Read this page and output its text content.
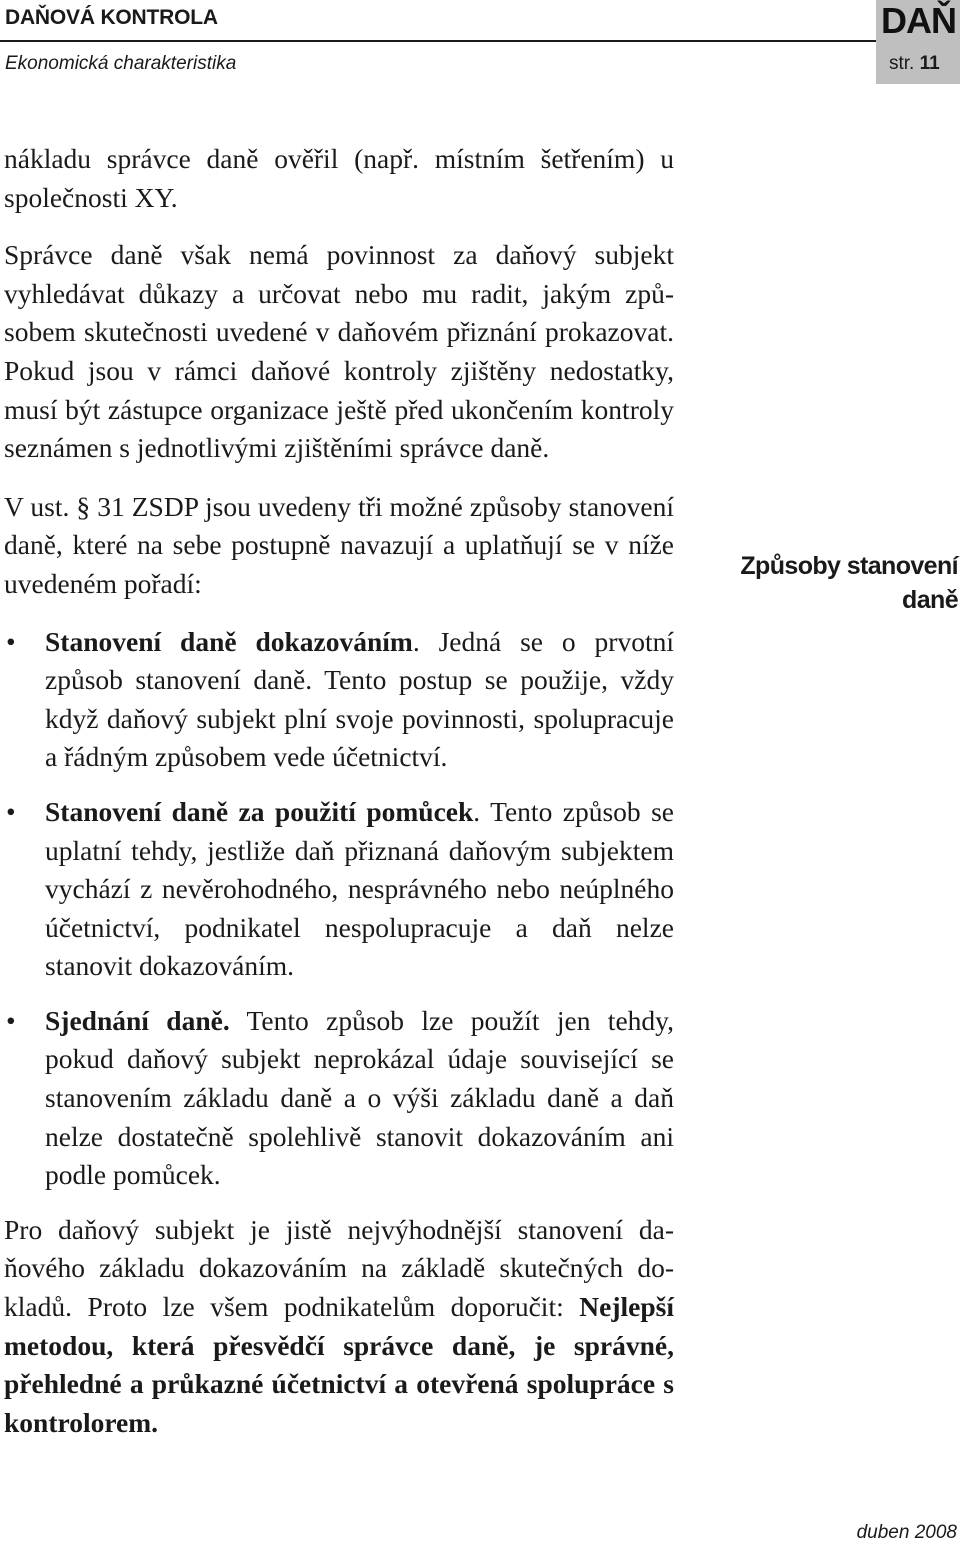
DAŇOVÁ KONTROLA
Ekonomická charakteristika
DAŇ
str. 11

nákladu správce daně ověřil (např. místním šetřením) u společnosti XY.

Správce daně však nemá povinnost za daňový subjekt vyhledávat důkazy a určovat nebo mu radit, jakým způsobem skutečnosti uvedené v daňovém přiznání prokazovat. Pokud jsou v rámci daňové kontroly zjištěny nedostatky, musí být zástupce organizace ještě před ukončením kontroly seznámen s jednotlivými zjištěními správce daně.

V ust. § 31 ZSDP jsou uvedeny tři možné způsoby stanovení daně, které na sebe postupně navazují a uplatňují se v níže uvedeném pořadí:

• Stanovení daně dokazováním. Jedná se o prvotní způsob stanovení daně. Tento postup se použije, vždy když daňový subjekt plní svoje povinnosti, spolupracuje a řádným způsobem vede účetnictví.
• Stanovení daně za použití pomůcek. Tento způsob se uplatní tehdy, jestliže daň přiznaná daňovým subjektem vychází z nevěrohodného, nesprávného nebo neúplného účetnictví, podnikatel nespolupracuje a daň nelze stanovit dokazováním.
• Sjednání daně. Tento způsob lze použít jen tehdy, pokud daňový subjekt neprokázal údaje související se stanovením základu daně a o výši základu daně a daň nelze dostatečně spolehlivě stanovit dokazováním ani podle pomůcek.

Pro daňový subjekt je jistě nejvýhodnější stanovení daňového základu dokazováním na základě skutečných dokladů. Proto lze všem podnikatelům doporučit: Nejlepší metodou, která přesvědčí správce daně, je správné, přehledné a průkazné účetnictví a otevřená spolupráce s kontrolorem.

Způsoby stanovení daně
duben 2008
